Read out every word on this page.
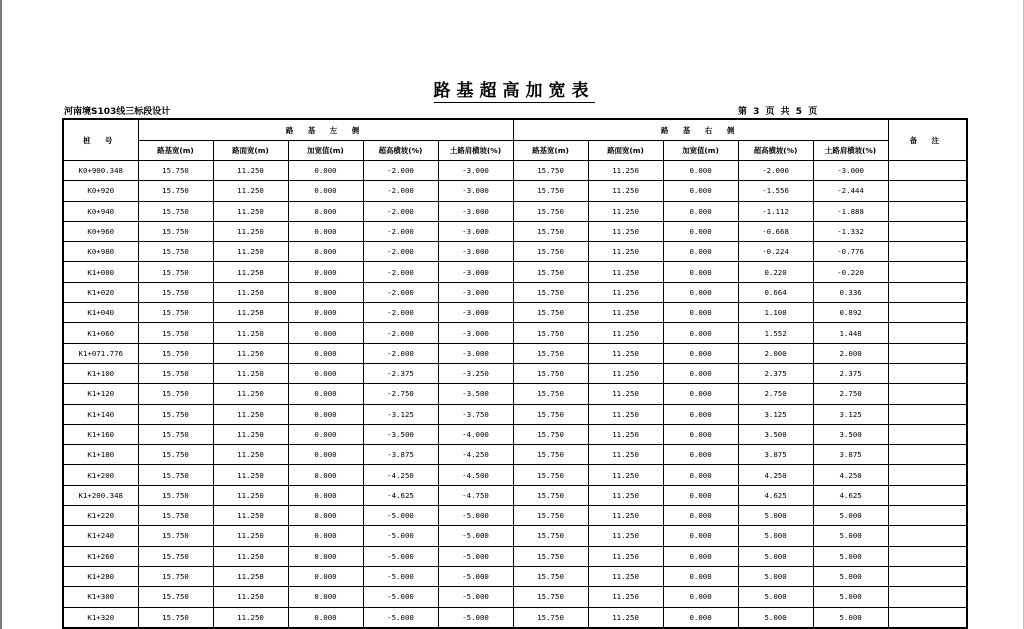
路基超高加宽表
河南境S103线三标段设计	第 3 页 共 5 页
桩 号	路 基 左 侧					路 基 右 侧					备 注
	路基宽(m)	路面宽(m)	加宽值(m)	超高横坡(%)	土路肩横坡(%)	路基宽(m)	路面宽(m)	加宽值(m)	超高横坡(%)	土路肩横坡(%)	
K0+900.348	15.750	11.250	0.000	-2.000	-3.000	15.750	11.250	0.000	-2.000	-3.000	
K0+920	15.750	11.250	0.000	-2.000	-3.000	15.750	11.250	0.000	-1.556	-2.444	
K0+940	15.750	11.250	0.000	-2.000	-3.000	15.750	11.250	0.000	-1.112	-1.888	
K0+960	15.750	11.250	0.000	-2.000	-3.000	15.750	11.250	0.000	-0.668	-1.332	
K0+980	15.750	11.250	0.000	-2.000	-3.000	15.750	11.250	0.000	-0.224	-0.776	
K1+000	15.750	11.250	0.000	-2.000	-3.000	15.750	11.250	0.000	0.220	-0.220	
K1+020	15.750	11.250	0.000	-2.000	-3.000	15.750	11.250	0.000	0.664	0.336	
K1+040	15.750	11.250	0.000	-2.000	-3.000	15.750	11.250	0.000	1.108	0.892	
K1+060	15.750	11.250	0.000	-2.000	-3.000	15.750	11.250	0.000	1.552	1.448	
K1+071.776	15.750	11.250	0.000	-2.000	-3.000	15.750	11.250	0.000	2.000	2.000	
K1+100	15.750	11.250	0.000	-2.375	-3.250	15.750	11.250	0.000	2.375	2.375	
K1+120	15.750	11.250	0.000	-2.750	-3.500	15.750	11.250	0.000	2.750	2.750	
K1+140	15.750	11.250	0.000	-3.125	-3.750	15.750	11.250	0.000	3.125	3.125	
K1+160	15.750	11.250	0.000	-3.500	-4.000	15.750	11.250	0.000	3.500	3.500	
K1+180	15.750	11.250	0.000	-3.875	-4.250	15.750	11.250	0.000	3.875	3.875	
K1+200	15.750	11.250	0.000	-4.250	-4.500	15.750	11.250	0.000	4.250	4.250	
K1+200.348	15.750	11.250	0.000	-4.625	-4.750	15.750	11.250	0.000	4.625	4.625	
K1+220	15.750	11.250	0.000	-5.000	-5.000	15.750	11.250	0.000	5.000	5.000	
K1+240	15.750	11.250	0.000	-5.000	-5.000	15.750	11.250	0.000	5.000	5.000	
K1+260	15.750	11.250	0.000	-5.000	-5.000	15.750	11.250	0.000	5.000	5.000	
K1+280	15.750	11.250	0.000	-5.000	-5.000	15.750	11.250	0.000	5.000	5.000	
K1+300	15.750	11.250	0.000	-5.000	-5.000	15.750	11.250	0.000	5.000	5.000	
K1+320	15.750	11.250	0.000	-5.000	-5.000	15.750	11.250	0.000	5.000	5.000	
